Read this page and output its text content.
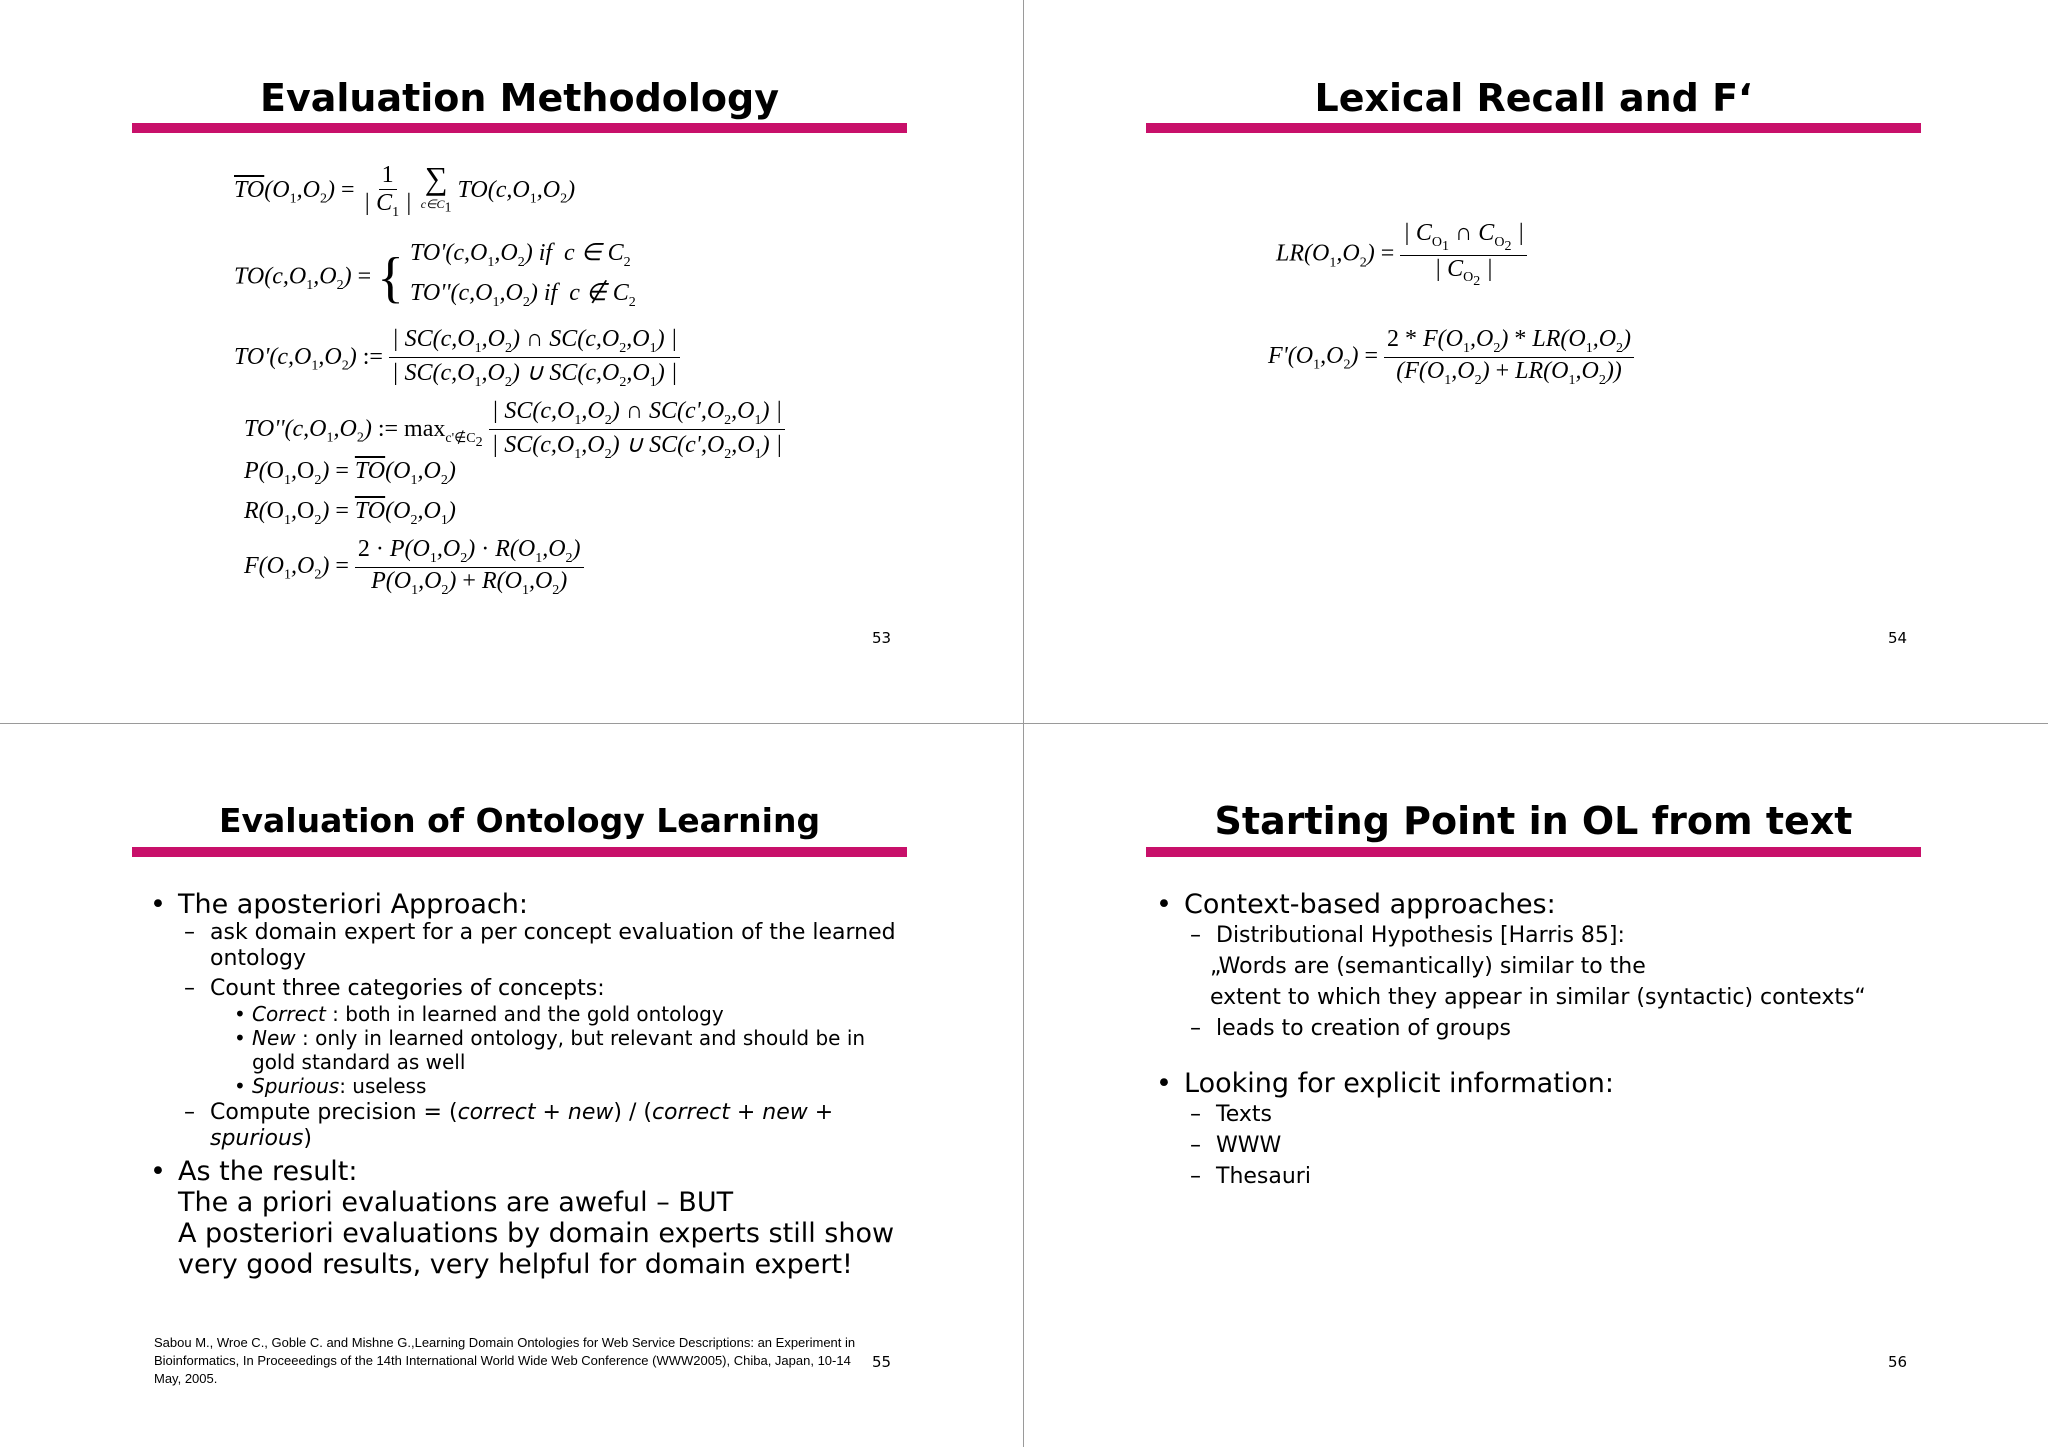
Evaluation Methodology
$\overline{TO}(O_1,O_2) = \frac{1}{| C_1 |}$
∑
$c\in C_1$
$TO(c,O_1,O_2)$
$TO(c,O_1,O_2)$ = { $TO'(c,O_1,O_2)$ if  c ∈ $C_2$
$TO''(c,O_1,O_2)$ if  c ∉ $C_2$
$TO'(c,O_1,O_2)$ := $\frac{| SC(c,O_1,O_2) \cap SC(c,O_2,O_1) |}{| SC(c,O_1,O_2) \cup SC(c,O_2,O_1) |}$
$TO''(c,O_1,O_2)$ := $\max_{c'\notin C_2} \frac{| SC(c,O_1,O_2) \cap SC(c',O_2,O_1) |}{| SC(c,O_1,O_2) \cup SC(c',O_2,O_1) |}$
$P(O_1,O_2) = \overline{TO}(O_1,O_2)$
$R(O_1,O_2) = \overline{TO}(O_2,O_1)$
$F(O_1,O_2) = \frac{2 \cdot P(O_1,O_2) \cdot R(O_1,O_2)}{P(O_1,O_2) + R(O_1,O_2)}$
53
Lexical Recall and F‘
$LR(O_1,O_2) = \frac{| C_{O_1} \cap C_{O_2} |}{| C_{O_2} |}$
$F'(O_1,O_2) = \frac{2 * F(O_1,O_2) * LR(O_1,O_2)}{(F(O_1,O_2) + LR(O_1,O_2))}$
54
Evaluation of Ontology Learning
• The aposteriori Approach:
– ask domain expert for a per concept evaluation of the learned ontology
– Count three categories of concepts:
• Correct : both in learned and the gold ontology
• New : only in learned ontology, but relevant and should be in gold standard as well
• Spurious: useless
– Compute precision = (correct + new) / (correct + new + spurious)
• As the result:
The a priori evaluations are aweful – BUT
A posteriori evaluations by domain experts still show
very good results, very helpful for domain expert!
Sabou M., Wroe C., Goble C. and Mishne G.,Learning Domain Ontologies for Web Service Descriptions: an Experiment in Bioinformatics, In Proceeedings of the 14th International World Wide Web Conference (WWW2005), Chiba, Japan, 10-14 May, 2005.
55
Starting Point in OL from text
• Context-based approaches:
– Distributional Hypothesis [Harris 85]:
„Words are (semantically) similar to the
extent to which they appear in similar (syntactic) contexts“
– leads to creation of groups
• Looking for explicit information:
– Texts
– WWW
– Thesauri
56
